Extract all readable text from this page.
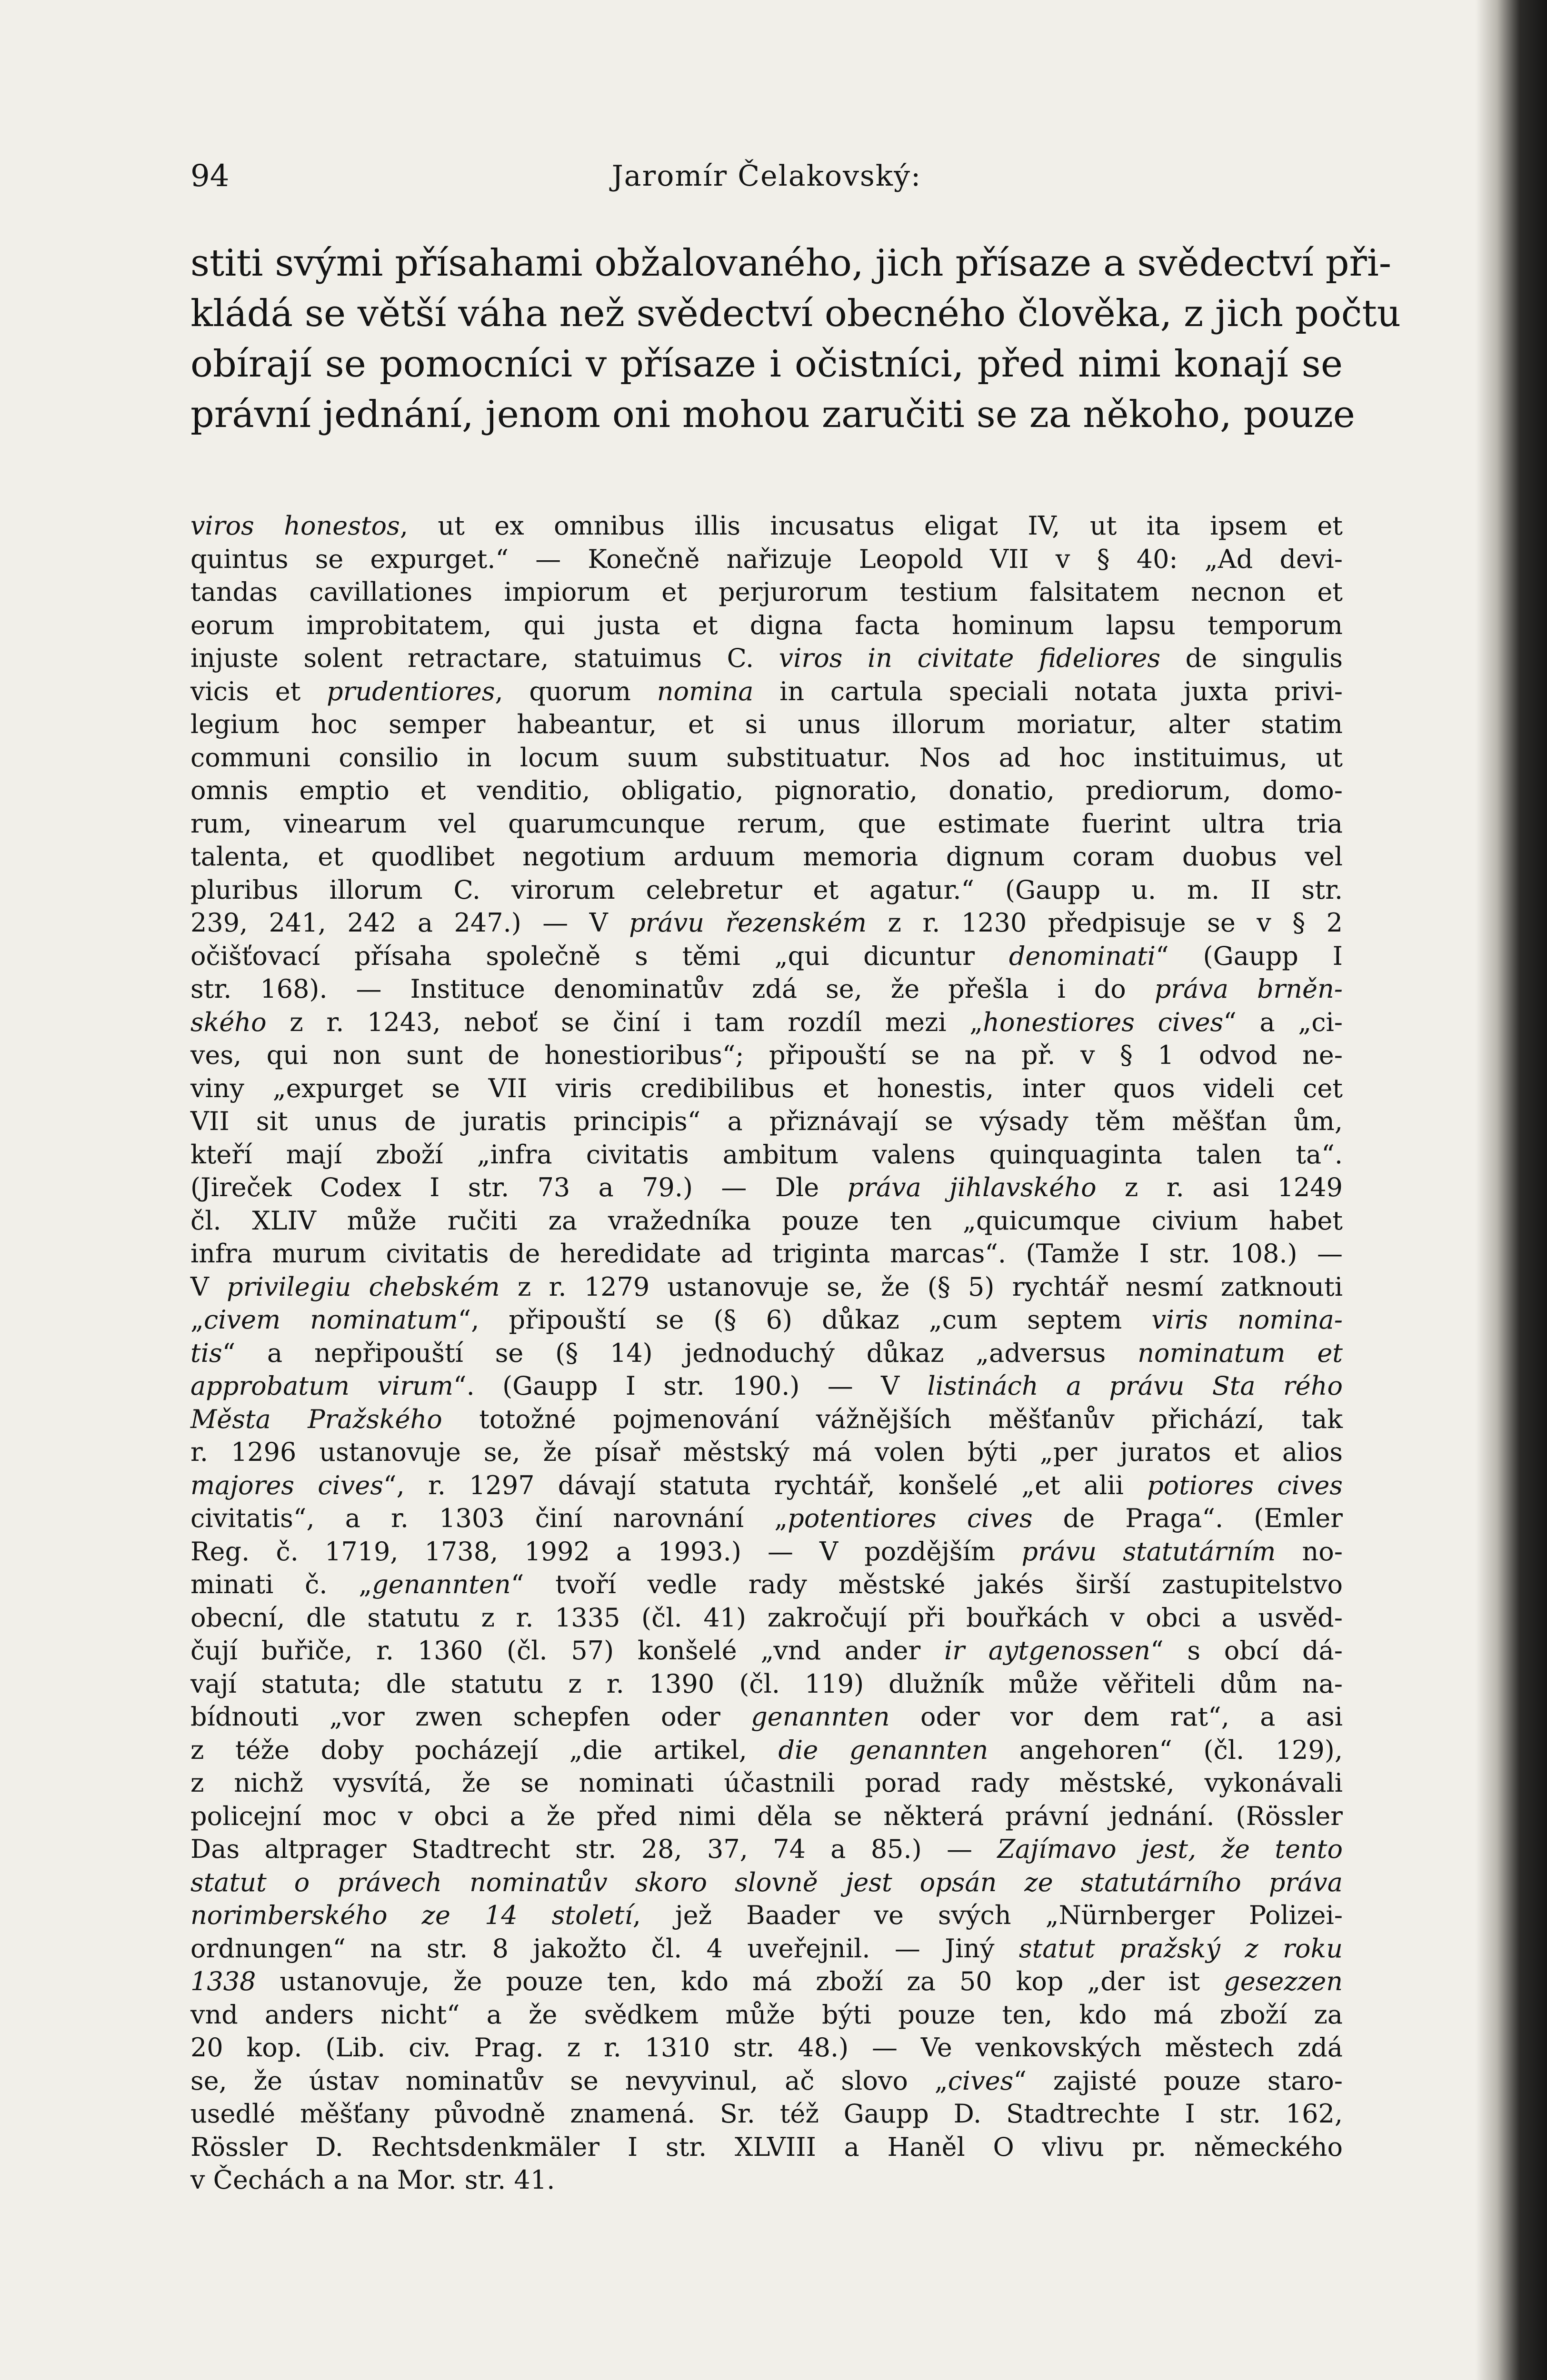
94	Jaromír Čelakovský:
stiti svými přísahami obžalovaného, jich přísaze a svědectví při-
kládá se větší váha než svědectví obecného člověka, z jich počtu
obírají se pomocníci v přísaze i očistníci, před nimi konají se
právní jednání, jenom oni mohou zaručiti se za někoho, pouze
viros honestos, ut ex omnibus illis incusatus eligat IV, ut ita ipsem et
quintus se expurget.“ — Konečně nařizuje Leopold VII v § 40: „Ad devi-
tandas cavillationes impiorum et perjurorum testium falsitatem necnon et
eorum improbitatem, qui justa et digna facta hominum lapsu temporum
injuste solent retractare, statuimus C. viros in civitate fideliores de singulis
vicis et prudentiores, quorum nomina in cartula speciali notata juxta privi-
legium hoc semper habeantur, et si unus illorum moriatur, alter statim
communi consilio in locum suum substituatur. Nos ad hoc instituimus, ut
omnis emptio et venditio, obligatio, pignoratio, donatio, prediorum, domo-
rum, vinearum vel quarumcunque rerum, que estimate fuerint ultra tria
talenta, et quodlibet negotium arduum memoria dignum coram duobus vel
pluribus illorum C. virorum celebretur et agatur.“ (Gaupp u. m. II str.
239, 241, 242 a 247.) — V právu řezenském z r. 1230 předpisuje se v § 2
očišťovací přísaha společně s těmi „qui dicuntur denominati“ (Gaupp I
str. 168). — Instituce denominatův zdá se, že přešla i do práva brněn-
ského z r. 1243, neboť se činí i tam rozdíl mezi „honestiores cives“ a „ci-
ves, qui non sunt de honestioribus“; připouští se na př. v § 1 odvod ne-
viny „expurget se VII viris credibilibus et honestis, inter quos videli cet
VII sit unus de juratis principis“ a přiznávají se výsady těm měšťan ům,
kteří mají zboží „infra civitatis ambitum valens quinquaginta talen ta“.
(Jireček Codex I str. 73 a 79.) — Dle práva jihlavského z r. asi 1249
čl. XLIV může ručiti za vražedníka pouze ten „quicumque civium habet
infra murum civitatis de heredidate ad triginta marcas“. (Tamže I str. 108.) —
V privilegiu chebském z r. 1279 ustanovuje se, že (§ 5) rychtář nesmí zatknouti
„civem nominatum“, připouští se (§ 6) důkaz „cum septem viris nomina-
tis“ a nepřipouští se (§ 14) jednoduchý důkaz „adversus nominatum et
approbatum virum“. (Gaupp I str. 190.) — V listinách a právu Sta rého
Města Pražského totožné pojmenování vážnějších měšťanův přichází, tak
r. 1296 ustanovuje se, že písař městský má volen býti „per juratos et alios
majores cives“, r. 1297 dávají statuta rychtář, konšelé „et alii potiores cives
civitatis“, a r. 1303 činí narovnání „potentiores cives de Praga“. (Emler
Reg. č. 1719, 1738, 1992 a 1993.) — V pozdějším právu statutárním no-
minati č. „genannten“ tvoří vedle rady městské jakés širší zastupitelstvo
obecní, dle statutu z r. 1335 (čl. 41) zakročují při bouřkách v obci a usvěd-
čují buřiče, r. 1360 (čl. 57) konšelé „vnd ander ir aytgenossen“ s obcí dá-
vají statuta; dle statutu z r. 1390 (čl. 119) dlužník může věřiteli dům na-
bídnouti „vor zwen schepfen oder genannten oder vor dem rat“, a asi
z téže doby pocházejí „die artikel, die genannten angehoren“ (čl. 129),
z nichž vysvítá, že se nominati účastnili porad rady městské, vykonávali
policejní moc v obci a že před nimi děla se některá právní jednání. (Rössler
Das altprager Stadtrecht str. 28, 37, 74 a 85.) — Zajímavo jest, že tento
statut o právech nominatův skoro slovně jest opsán ze statutárního práva
norimberského ze 14 století, jež Baader ve svých „Nürnberger Polizei-
ordnungen“ na str. 8 jakožto čl. 4 uveřejnil. — Jiný statut pražský z roku
1338 ustanovuje, že pouze ten, kdo má zboží za 50 kop „der ist gesezzen
vnd anders nicht“ a že svědkem může býti pouze ten, kdo má zboží za
20 kop. (Lib. civ. Prag. z r. 1310 str. 48.) — Ve venkovských městech zdá
se, že ústav nominatův se nevyvinul, ač slovo „cives“ zajisté pouze staro-
usedlé měšťany původně znamená. Sr. též Gaupp D. Stadtrechte I str. 162,
Rössler D. Rechtsdenkmäler I str. XLVIII a Haněl O vlivu pr. německého
v Čechách a na Mor. str. 41.
